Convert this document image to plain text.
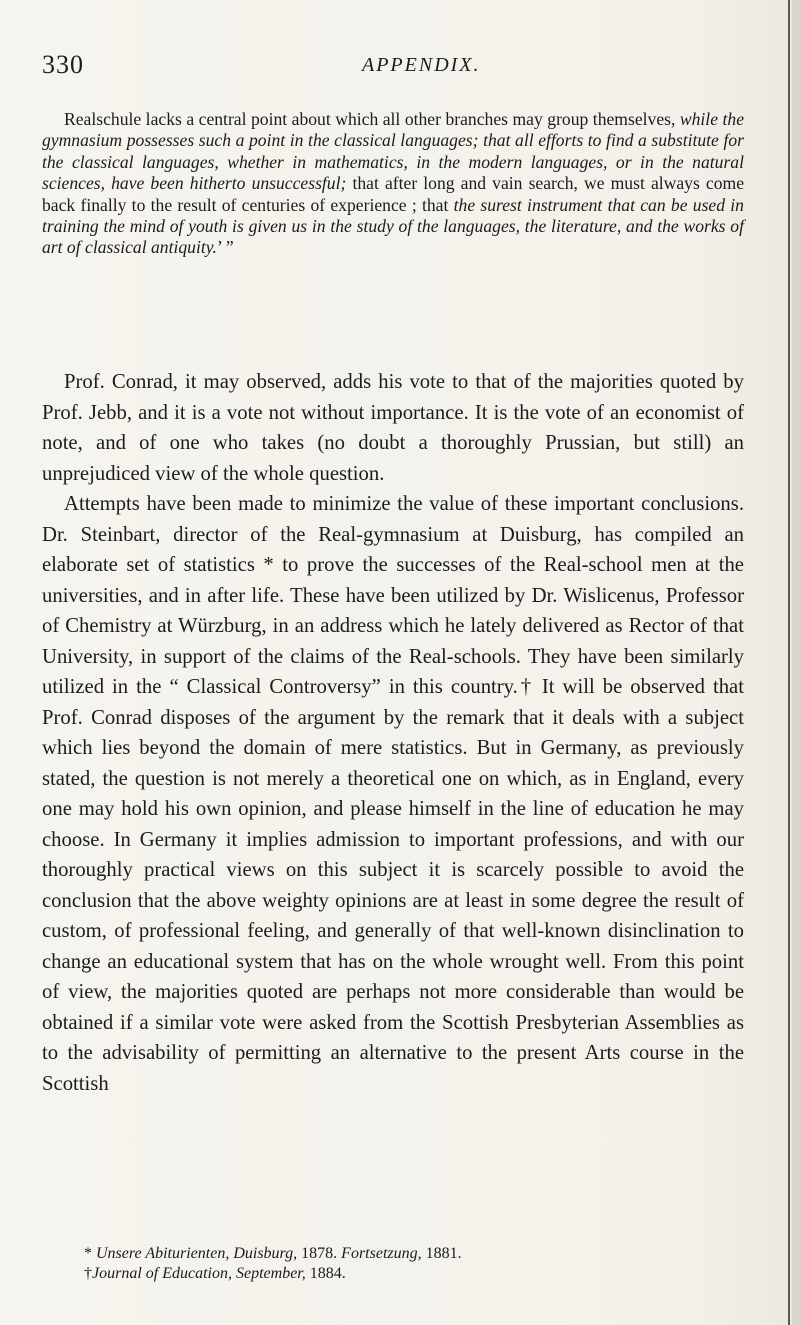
330	APPENDIX.

Realschule lacks a central point about which all other branches may group themselves, while the gymnasium possesses such a point in the classical languages; that all efforts to find a substitute for the classical languages, whether in mathematics, in the modern languages, or in the natural sciences, have been hitherto unsuccessful; that after long and vain search, we must always come back finally to the result of centuries of experience ; that the surest instrument that can be used in training the mind of youth is given us in the study of the languages, the literature, and the works of art of classical antiquity.’ ”

Prof. Conrad, it may observed, adds his vote to that of the majorities quoted by Prof. Jebb, and it is a vote not without importance. It is the vote of an economist of note, and of one who takes (no doubt a thoroughly Prussian, but still) an unprejudiced view of the whole question.

Attempts have been made to minimize the value of these important conclusions. Dr. Steinbart, director of the Real-gymnasium at Duisburg, has compiled an elaborate set of statistics * to prove the successes of the Real-school men at the universities, and in after life. These have been utilized by Dr. Wislicenus, Professor of Chemistry at Würzburg, in an address which he lately delivered as Rector of that University, in support of the claims of the Real-schools. They have been similarly utilized in the “ Classical Controversy” in this country.† It will be observed that Prof. Conrad disposes of the argument by the remark that it deals with a subject which lies beyond the domain of mere statistics. But in Germany, as previously stated, the question is not merely a theoretical one on which, as in England, every one may hold his own opinion, and please himself in the line of education he may choose. In Germany it implies admission to important professions, and with our thoroughly practical views on this subject it is scarcely possible to avoid the conclusion that the above weighty opinions are at least in some degree the result of custom, of professional feeling, and generally of that well-known disinclination to change an educational system that has on the whole wrought well. From this point of view, the majorities quoted are perhaps not more considerable than would be obtained if a similar vote were asked from the Scottish Presbyterian Assemblies as to the advisability of permitting an alternative to the present Arts course in the Scottish

* Unsere Abiturienten, Duisburg, 1878. Fortsetzung, 1881.

†Journal of Education, September, 1884.
